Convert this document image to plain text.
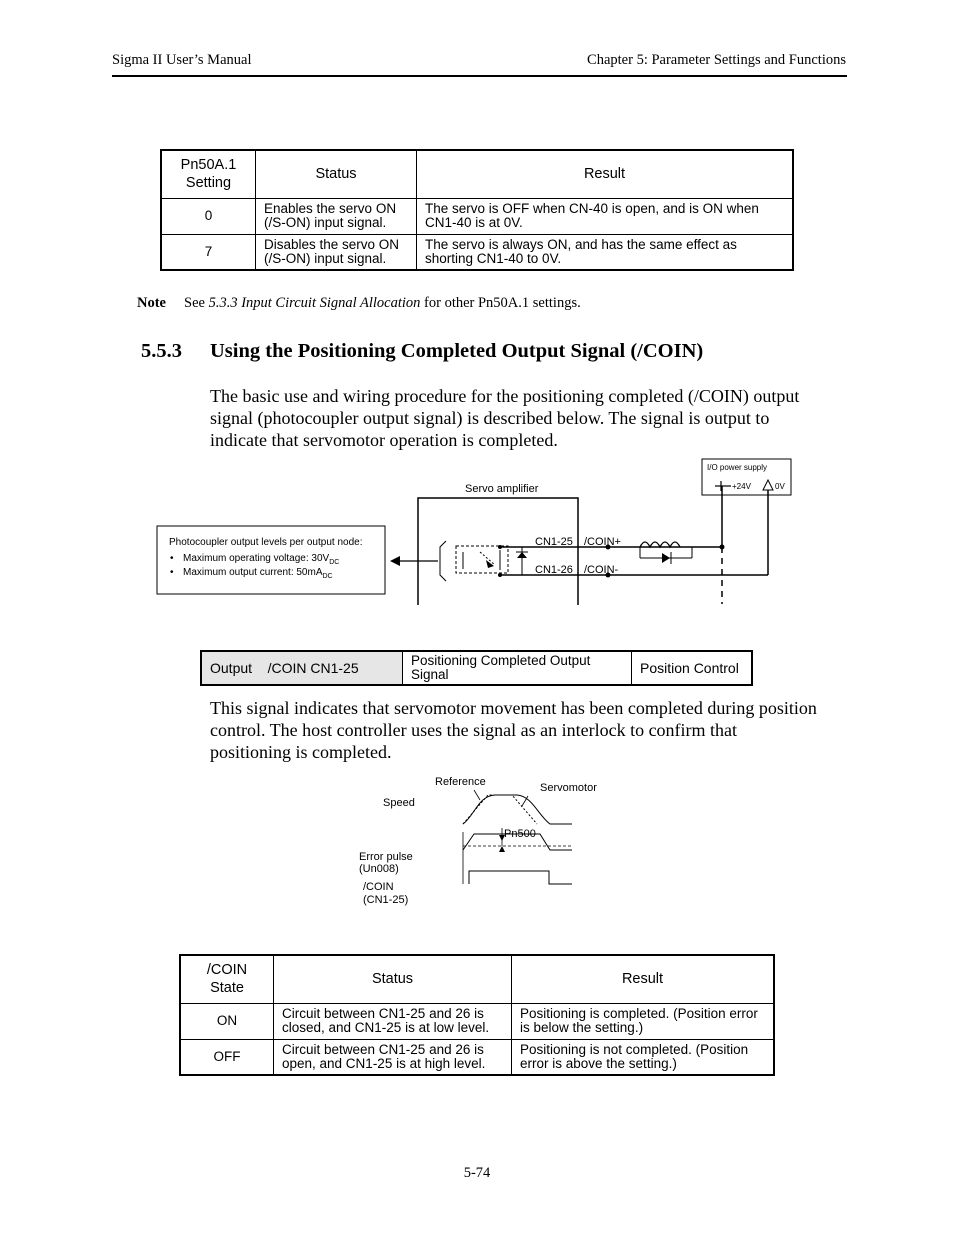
Sigma II User’s Manual	Chapter 5: Parameter Settings and Functions
Pn50A.1 Setting	Status	Result
0	Enables the servo ON (/S-ON) input signal.	The servo is OFF when CN-40 is open, and is ON when CN1-40 is at 0V.
7	Disables the servo ON (/S-ON) input signal.	The servo is always ON, and has the same effect as shorting CN1-40 to 0V.
Note See 5.3.3 Input Circuit Signal Allocation for other Pn50A.1 settings.
5.5.3 Using the Positioning Completed Output Signal (/COIN)
The basic use and wiring procedure for the positioning completed (/COIN) output
signal (photocoupler output signal) is described below. The signal is output to
indicate that servomotor operation is completed.
I/O power supply
+24V	0V
Servo amplifier
CN1-25 /COIN+
CN1-26 /COIN-
Photocoupler output levels per output node:
• Maximum operating voltage: $30V_{DC}$
• Maximum output current: $50mA_{DC}$
Output /COIN CN1-25	Positioning Completed Output Signal	Position Control
This signal indicates that servomotor movement has been completed during position
control. The host controller uses the signal as an interlock to confirm that
positioning is completed.
Reference	Servomotor
Speed
Pn500
Error pulse
(Un008)
/COIN
(CN1-25)
/COIN State	Status	Result
ON	Circuit between CN1-25 and 26 is closed, and CN1-25 is at low level.	Positioning is completed. (Position error is below the setting.)
OFF	Circuit between CN1-25 and 26 is open, and CN1-25 is at high level.	Positioning is not completed. (Position error is above the setting.)
5-74
